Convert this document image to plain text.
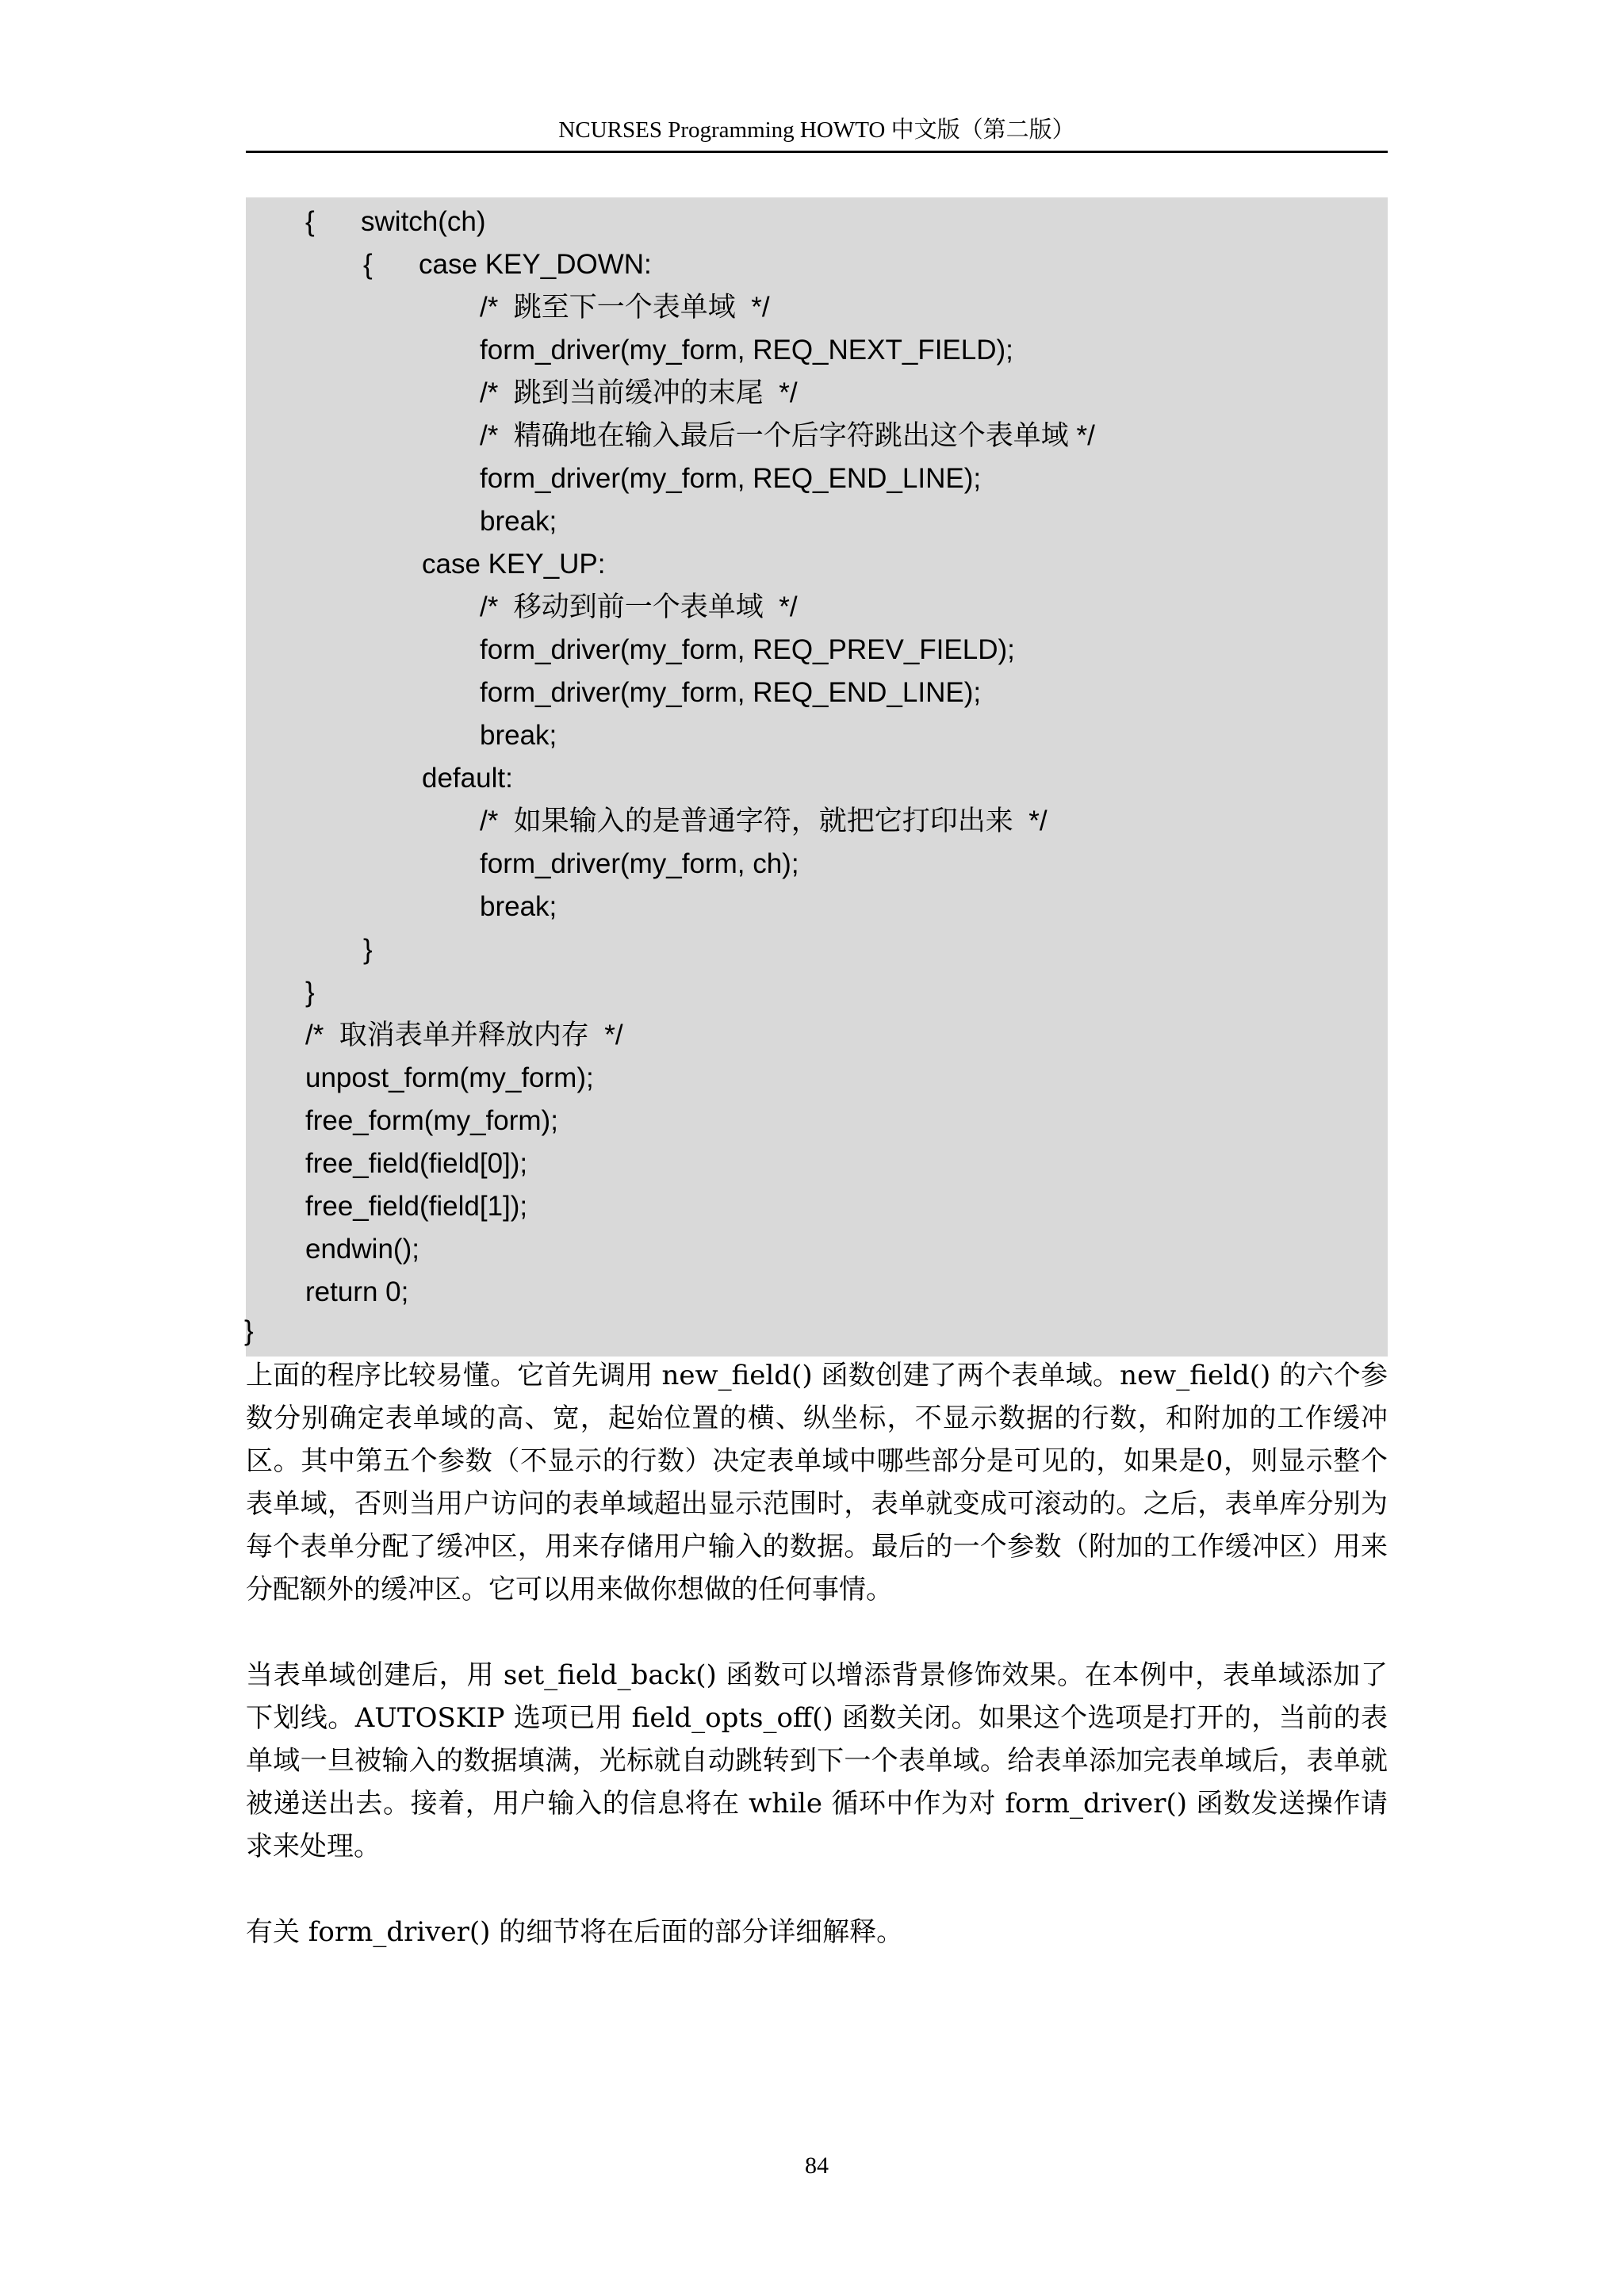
NCURSES Programming HOWTO 中文版（第二版）
{      switch(ch)
{      case KEY_DOWN:
/*  跳至下一个表单域  */
form_driver(my_form, REQ_NEXT_FIELD);
/*  跳到当前缓冲的末尾  */
/*  精确地在输入最后一个后字符跳出这个表单域 */
form_driver(my_form, REQ_END_LINE);
break;
case KEY_UP:
/*  移动到前一个表单域  */
form_driver(my_form, REQ_PREV_FIELD);
form_driver(my_form, REQ_END_LINE);
break;
default:
/*  如果输入的是普通字符，就把它打印出来  */
form_driver(my_form, ch);
break;
}
}
/*  取消表单并释放内存  */
unpost_form(my_form);
free_form(my_form);
free_field(field[0]);
free_field(field[1]);
endwin();
return 0;
}
上面的程序比较易懂。它首先调用 new_field() 函数创建了两个表单域。new_field() 的六个参数分别确定表单域的高、宽，起始位置的横、纵坐标，不显示数据的行数，和附加的工作缓冲区。其中第五个参数（不显示的行数）决定表单域中哪些部分是可见的，如果是0，则显示整个表单域，否则当用户访问的表单域超出显示范围时，表单就变成可滚动的。之后，表单库分别为每个表单分配了缓冲区，用来存储用户输入的数据。最后的一个参数（附加的工作缓冲区）用来分配额外的缓冲区。它可以用来做你想做的任何事情。
当表单域创建后，用 set_field_back() 函数可以增添背景修饰效果。在本例中，表单域添加了下划线。AUTOSKIP 选项已用 field_opts_off() 函数关闭。如果这个选项是打开的，当前的表单域一旦被输入的数据填满，光标就自动跳转到下一个表单域。给表单添加完表单域后，表单就被递送出去。接着，用户输入的信息将在 while 循环中作为对 form_driver() 函数发送操作请求来处理。
有关 form_driver() 的细节将在后面的部分详细解释。
84
